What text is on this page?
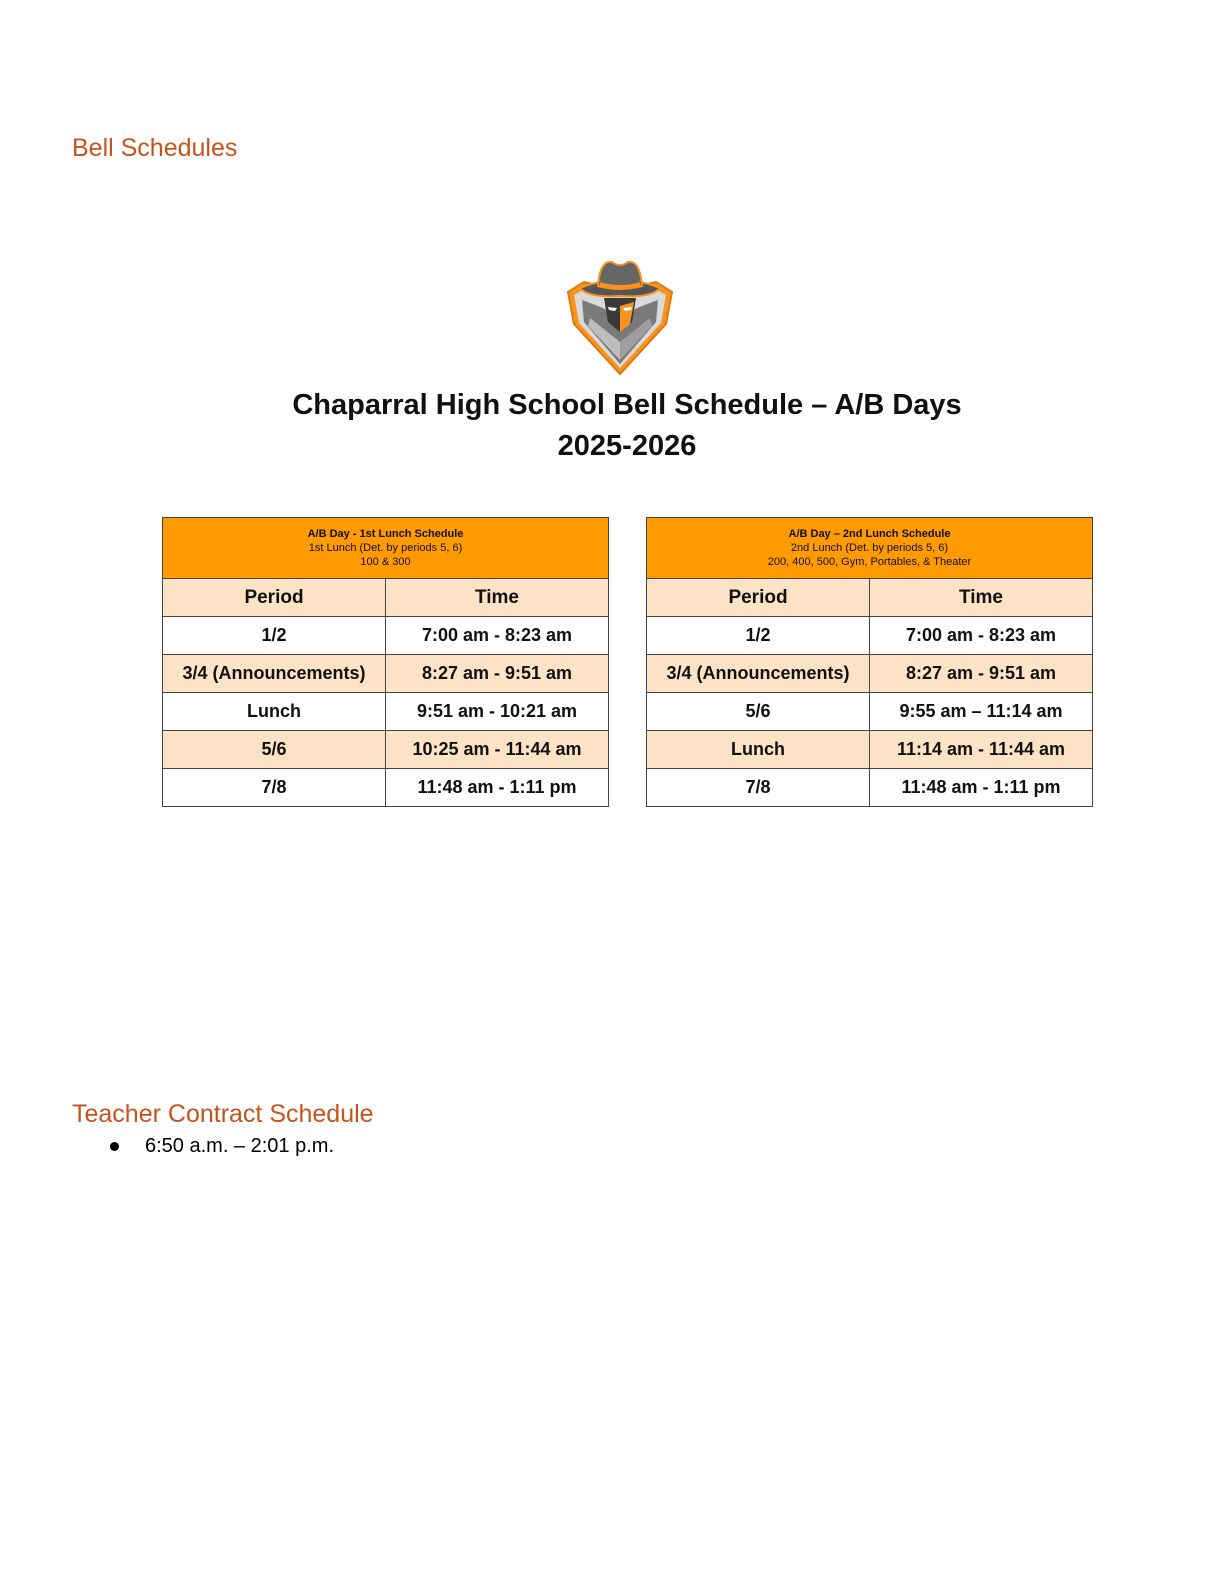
Bell Schedules
Chaparral High School Bell Schedule – A/B Days
2025-2026
A/B Day - 1st Lunch Schedule
1st Lunch (Det. by periods 5, 6)
100 & 300	

Period	Time
1/2	7:00 am - 8:23 am
3/4 (Announcements)	8:27 am - 9:51 am
Lunch	9:51 am - 10:21 am
5/6	10:25 am - 11:44 am
7/8	11:48 am - 1:11 pm
A/B Day – 2nd Lunch Schedule
2nd Lunch (Det. by periods 5, 6)
200, 400, 500, Gym, Portables, & Theater	

Period	Time
1/2	7:00 am - 8:23 am
3/4 (Announcements)	8:27 am - 9:51 am
5/6	9:55 am – 11:14 am
Lunch	11:14 am - 11:44 am
7/8	11:48 am - 1:11 pm
Teacher Contract Schedule
6:50 a.m. – 2:01 p.m.
